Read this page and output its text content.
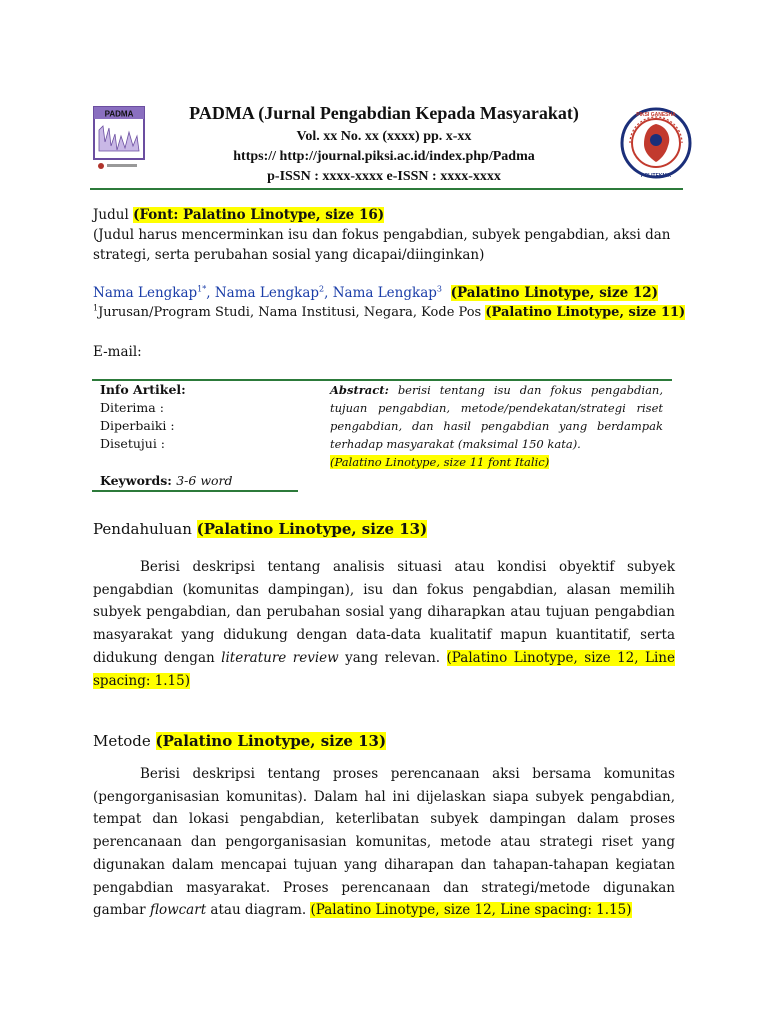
PADMA	PIKSI GANESHA
POLITEKNIK
PADMA (Jurnal Pengabdian Kepada Masyarakat)
Vol. xx No. xx (xxxx) pp. x-xx
https:// http://journal.piksi.ac.id/index.php/Padma
p-ISSN : xxxx-xxxx e-ISSN : xxxx-xxxx
Judul (Font: Palatino Linotype, size 16)
(Judul harus mencerminkan isu dan fokus pengabdian, subyek pengabdian, aksi dan
strategi, serta perubahan sosial yang dicapai/diinginkan)
Nama Lengkap$^{1*}$, Nama Lengkap$^2$, Nama Lengkap$^3$ (Palatino Linotype, size 12)
$^1$Jurusan/Program Studi, Nama Institusi, Negara, Kode Pos (Palatino Linotype, size 11)
E-mail:
Info Artikel:
Diterima :
Diperbaiki :
Disetujui :
Keywords: 3-6 word
Abstract: berisi tentang isu dan fokus pengabdian, tujuan pengabdian, metode/pendekatan/strategi riset pengabdian, dan hasil pengabdian yang berdampak terhadap masyarakat (maksimal 150 kata).
(Palatino Linotype, size 11 font Italic)
Pendahuluan (Palatino Linotype, size 13)
Berisi deskripsi tentang analisis situasi atau kondisi obyektif subyek pengabdian (komunitas dampingan), isu dan fokus pengabdian, alasan memilih subyek pengabdian, dan perubahan sosial yang diharapkan atau tujuan pengabdian masyarakat yang didukung dengan data-data kualitatif mapun kuantitatif, serta didukung dengan literature review yang relevan. (Palatino Linotype, size 12, Line spacing: 1.15)
Metode (Palatino Linotype, size 13)
Berisi deskripsi tentang proses perencanaan aksi bersama komunitas (pengorganisasian komunitas). Dalam hal ini dijelaskan siapa subyek pengabdian, tempat dan lokasi pengabdian, keterlibatan subyek dampingan dalam proses perencanaan dan pengorganisasian komunitas, metode atau strategi riset yang digunakan dalam mencapai tujuan yang diharapan dan tahapan-tahapan kegiatan pengabdian masyarakat. Proses perencanaan dan strategi/metode digunakan gambar flowcart atau diagram. (Palatino Linotype, size 12, Line spacing: 1.15)
